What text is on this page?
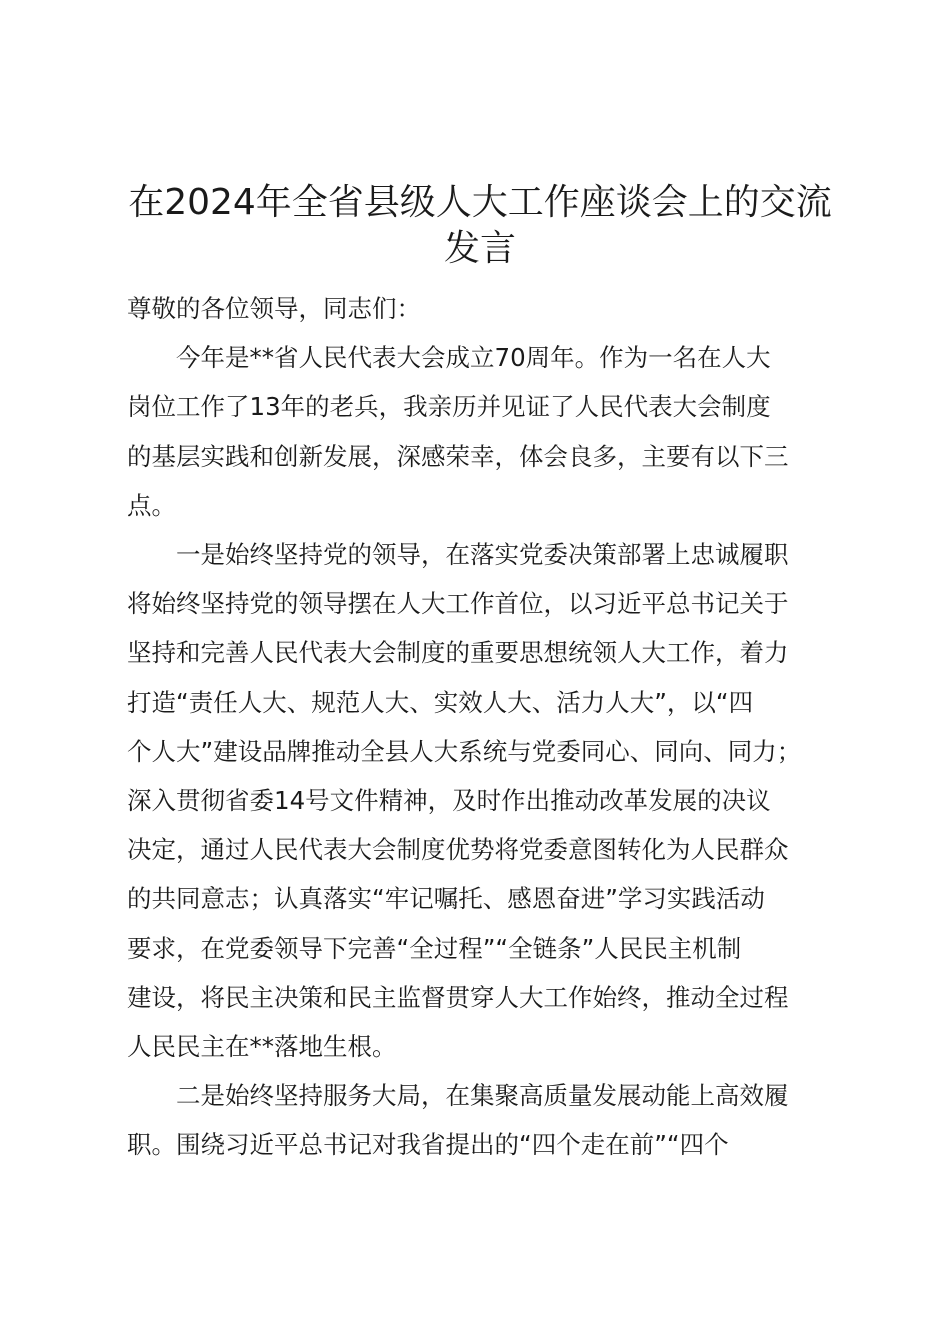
在2024年全省县级人大工作座谈会上的交流
发言
尊敬的各位领导，同志们：
今年是**省人民代表大会成立70周年。作为一名在人大
岗位工作了13年的老兵，我亲历并见证了人民代表大会制度
的基层实践和创新发展，深感荣幸，体会良多，主要有以下三
点。
一是始终坚持党的领导，在落实党委决策部署上忠诚履职
将始终坚持党的领导摆在人大工作首位，以习近平总书记关于
坚持和完善人民代表大会制度的重要思想统领人大工作，着力
打造“责任人大、规范人大、实效人大、活力人大”，以“四
个人大”建设品牌推动全县人大系统与党委同心、同向、同力；
深入贯彻省委14号文件精神，及时作出推动改革发展的决议
决定，通过人民代表大会制度优势将党委意图转化为人民群众
的共同意志；认真落实“牢记嘱托、感恩奋进”学习实践活动
要求，在党委领导下完善“全过程”“全链条”人民民主机制
建设，将民主决策和民主监督贯穿人大工作始终，推动全过程
人民民主在**落地生根。
二是始终坚持服务大局，在集聚高质量发展动能上高效履
职。围绕习近平总书记对我省提出的“四个走在前”“四个
